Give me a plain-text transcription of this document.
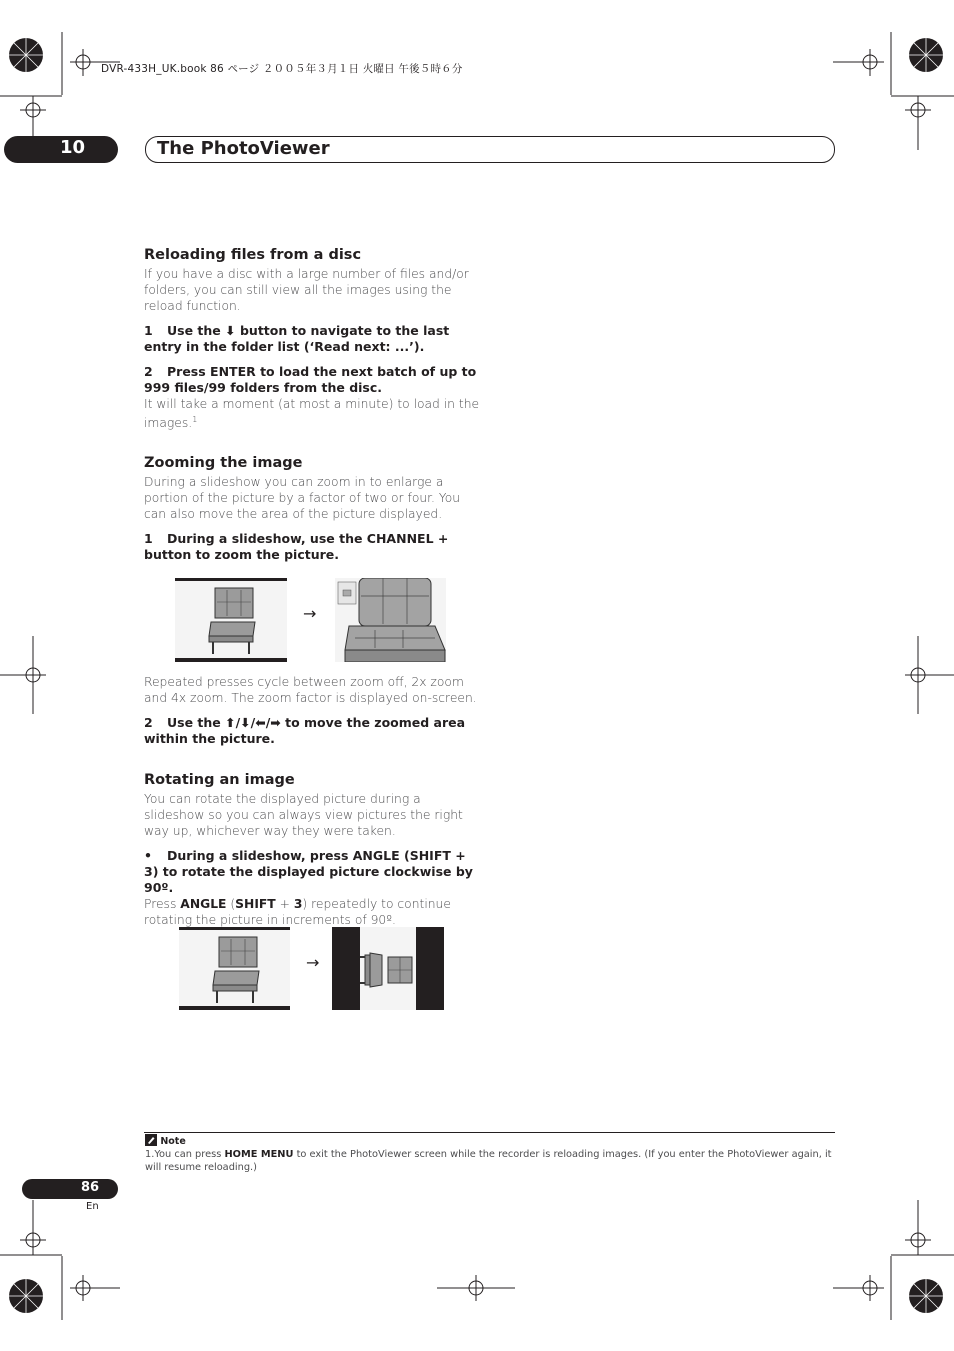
DVR-433H_UK.book 86 ページ ２００５年３月１日 火曜日 午後５時６分
10	The PhotoViewer
Reloading files from a disc
If you have a disc with a large number of files and/or folders, you can still view all the images using the reload function.
1 Use the ⬇ button to navigate to the last entry in the folder list (‘Read next: ...’).
2 Press ENTER to load the next batch of up to 999 files/99 folders from the disc.
It will take a moment (at most a minute) to load in the images.$^1$
Zooming the image
During a slideshow you can zoom in to enlarge a portion of the picture by a factor of two or four. You can also move the area of the picture displayed.
1 During a slideshow, use the CHANNEL + button to zoom the picture.
→
Repeated presses cycle between zoom off, 2x zoom and 4x zoom. The zoom factor is displayed on-screen.
2 Use the ⬆/⬇/⬅/➡ to move the zoomed area within the picture.
Rotating an image
You can rotate the displayed picture during a slideshow so you can always view pictures the right way up, whichever way they were taken.
• During a slideshow, press ANGLE (SHIFT + 3) to rotate the displayed picture clockwise by 90º.
Press ANGLE (SHIFT + 3) repeatedly to continue rotating the picture in increments of 90º.
→
Note
1.You can press HOME MENU to exit the PhotoViewer screen while the recorder is reloading images. (If you enter the PhotoViewer again, it will resume reloading.)
86
En
